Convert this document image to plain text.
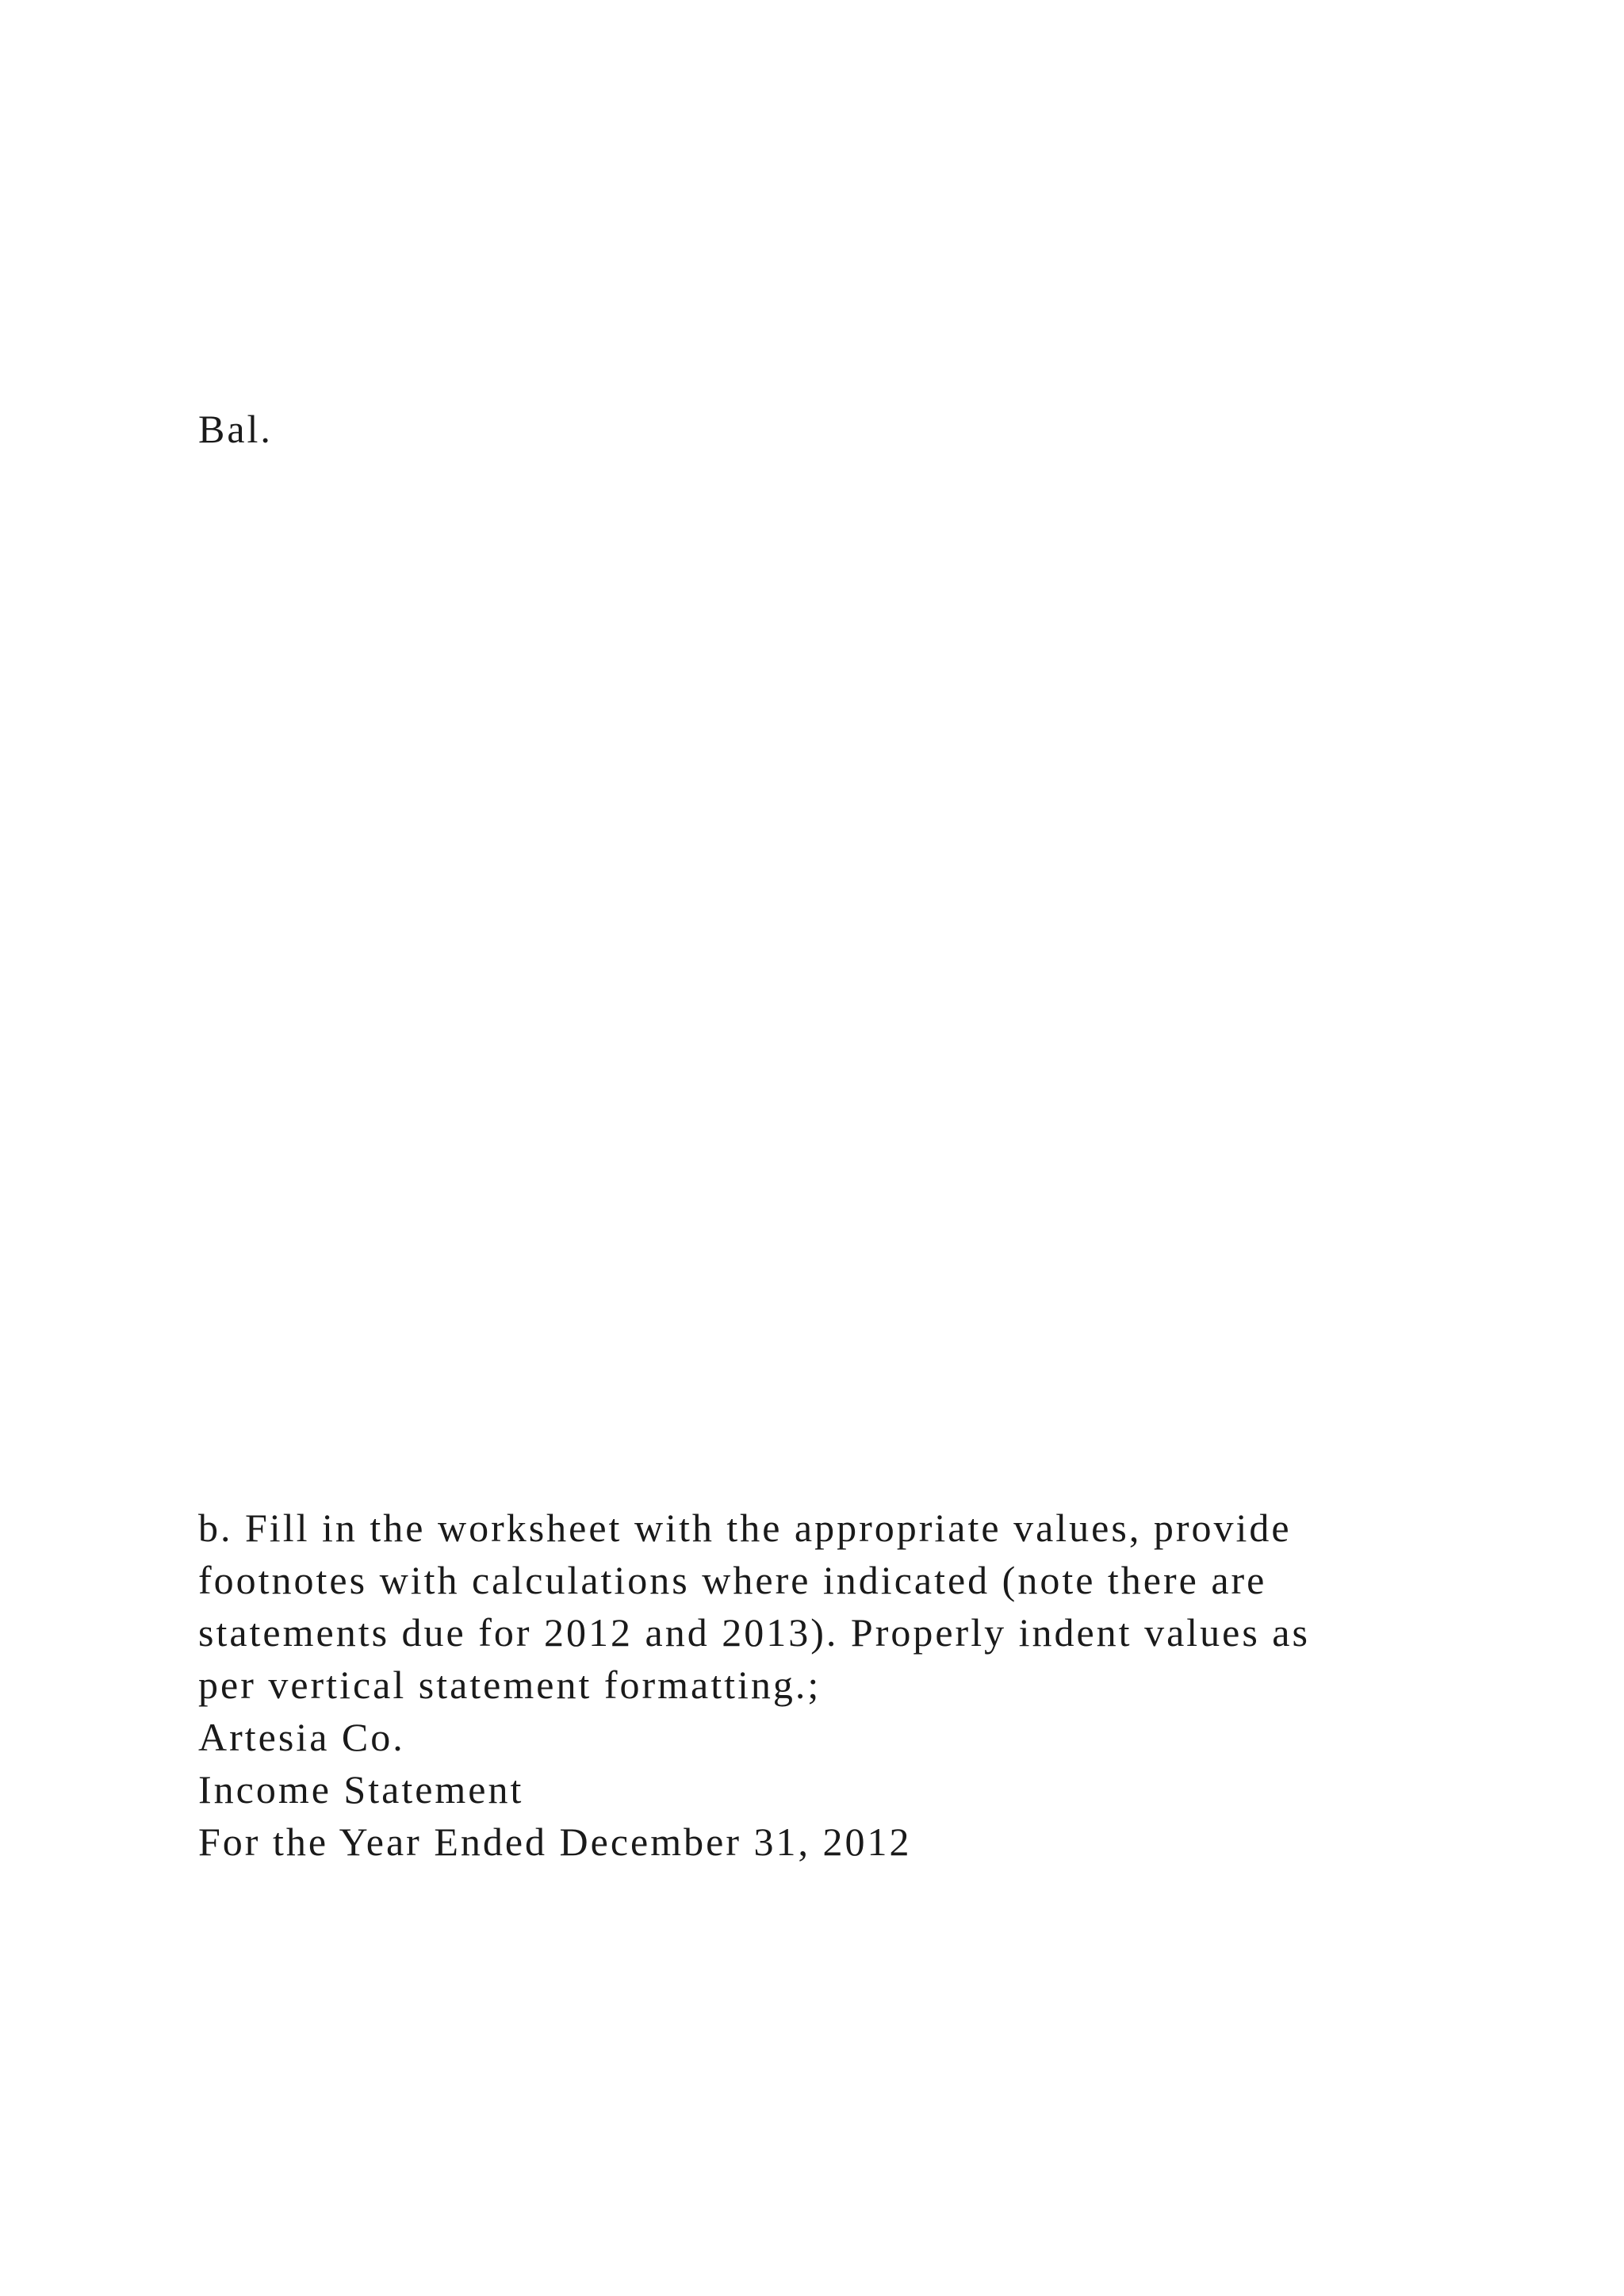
Bal.
b. Fill in the worksheet with the appropriate values, provide
footnotes with calculations where indicated (note there are
statements due for 2012 and 2013). Properly indent values as
per vertical statement formatting.;
Artesia Co.
Income Statement
For the Year Ended December 31, 2012
